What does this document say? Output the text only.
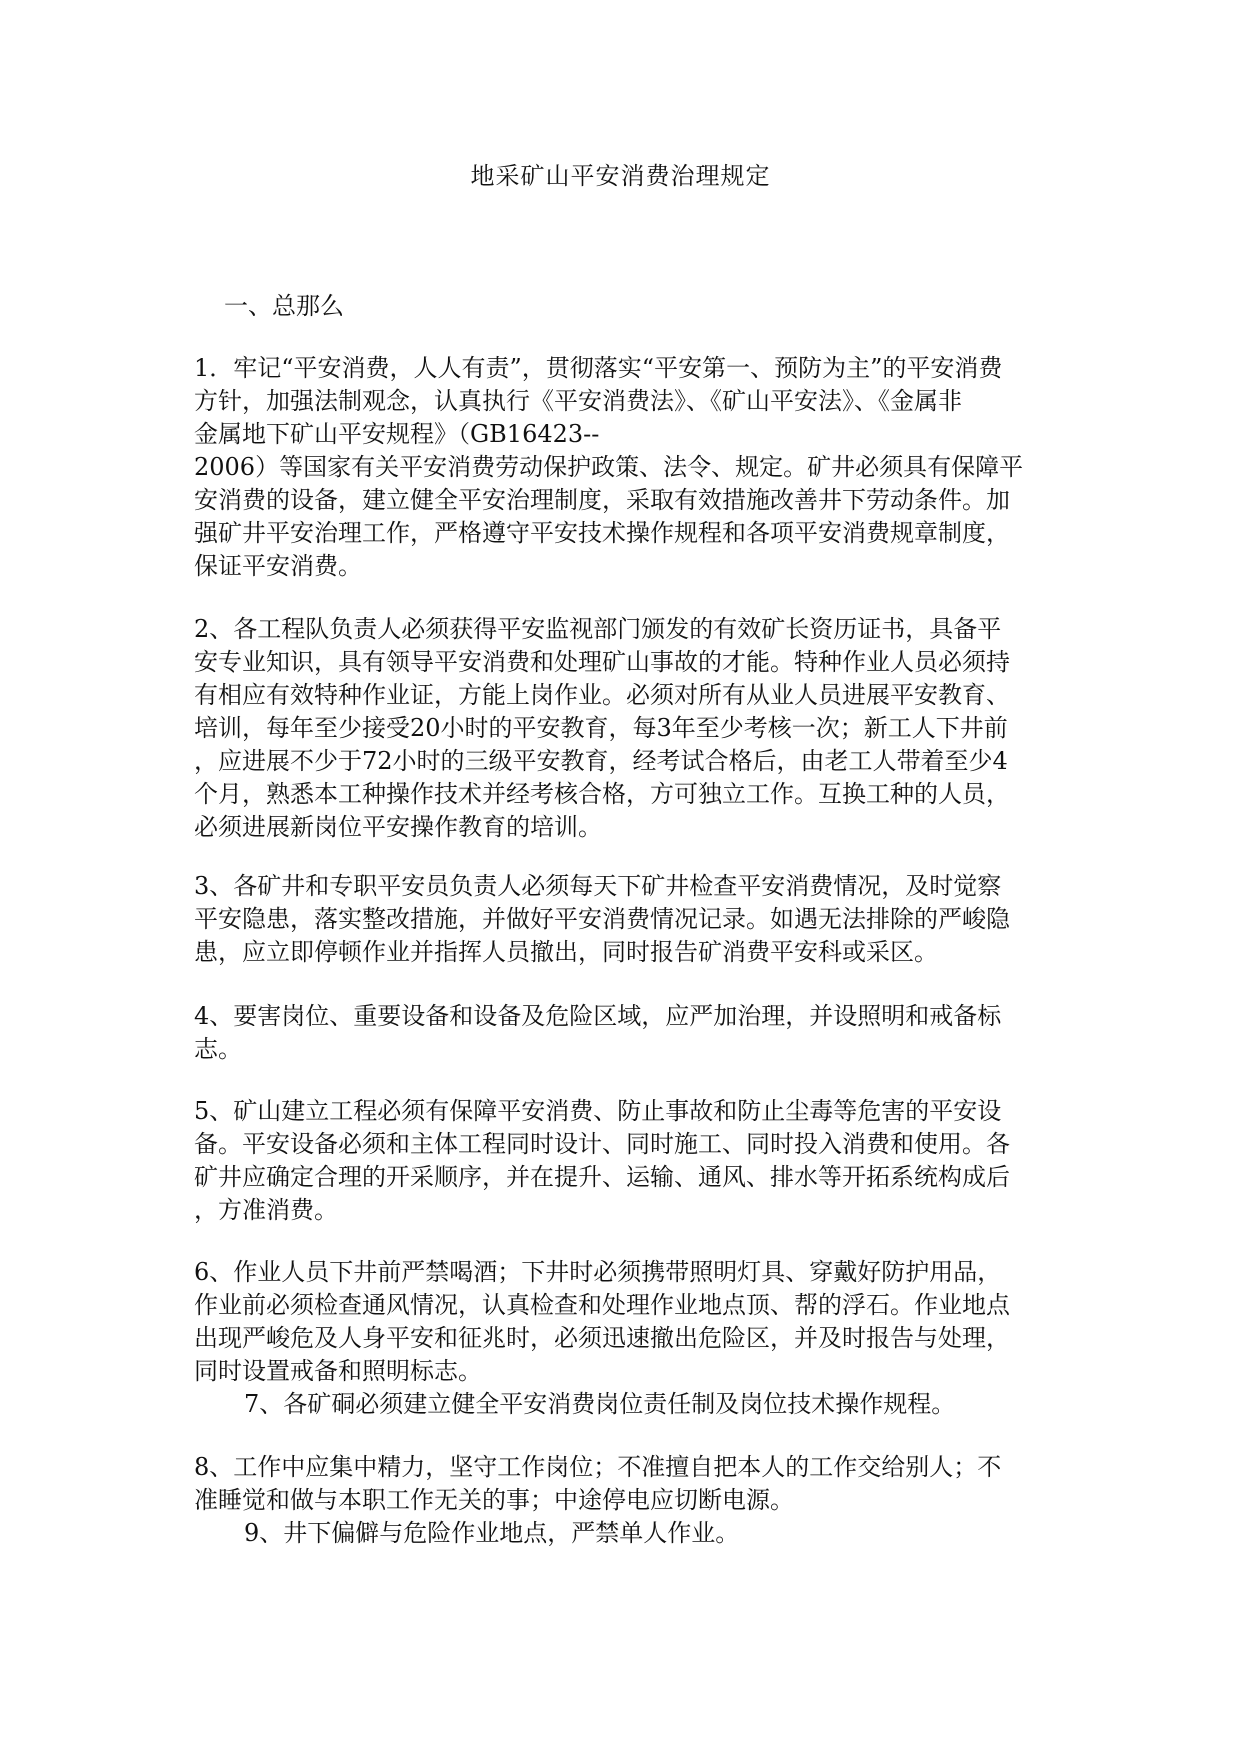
地采矿山平安消费治理规定
一、总那么
1．牢记“平安消费，人人有责”，贯彻落实“平安第一、预防为主”的平安消费
方针，加强法制观念，认真执行《平安消费法》、《矿山平安法》、《金属非
金属地下矿山平安规程》（GB16423--
2006）等国家有关平安消费劳动保护政策、法令、规定。矿井必须具有保障平
安消费的设备，建立健全平安治理制度，采取有效措施改善井下劳动条件。加
强矿井平安治理工作，严格遵守平安技术操作规程和各项平安消费规章制度，
保证平安消费。
2、各工程队负责人必须获得平安监视部门颁发的有效矿长资历证书，具备平
安专业知识，具有领导平安消费和处理矿山事故的才能。特种作业人员必须持
有相应有效特种作业证，方能上岗作业。必须对所有从业人员进展平安教育、
培训，每年至少接受20小时的平安教育，每3年至少考核一次；新工人下井前
，应进展不少于72小时的三级平安教育，经考试合格后，由老工人带着至少4
个月，熟悉本工种操作技术并经考核合格，方可独立工作。互换工种的人员，
必须进展新岗位平安操作教育的培训。
3、各矿井和专职平安员负责人必须每天下矿井检查平安消费情况，及时觉察
平安隐患，落实整改措施，并做好平安消费情况记录。如遇无法排除的严峻隐
患，应立即停顿作业并指挥人员撤出，同时报告矿消费平安科或采区。
4、要害岗位、重要设备和设备及危险区域，应严加治理，并设照明和戒备标
志。
5、矿山建立工程必须有保障平安消费、防止事故和防止尘毒等危害的平安设
备。平安设备必须和主体工程同时设计、同时施工、同时投入消费和使用。各
矿井应确定合理的开采顺序，并在提升、运输、通风、排水等开拓系统构成后
，方准消费。
6、作业人员下井前严禁喝酒；下井时必须携带照明灯具、穿戴好防护用品，
作业前必须检查通风情况，认真检查和处理作业地点顶、帮的浮石。作业地点
出现严峻危及人身平安和征兆时，必须迅速撤出危险区，并及时报告与处理，
同时设置戒备和照明标志。
7、各矿硐必须建立健全平安消费岗位责任制及岗位技术操作规程。
8、工作中应集中精力，坚守工作岗位；不准擅自把本人的工作交给别人；不
准睡觉和做与本职工作无关的事；中途停电应切断电源。
9、井下偏僻与危险作业地点，严禁单人作业。
